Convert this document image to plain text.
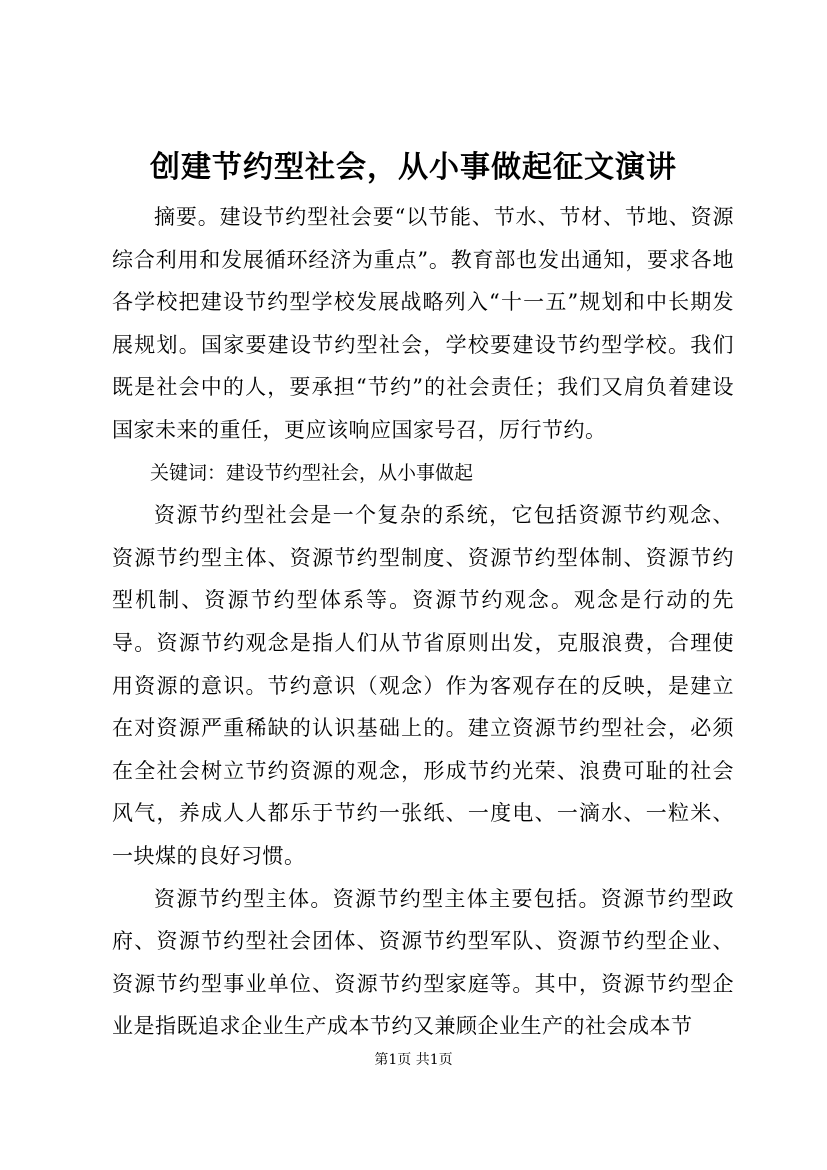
创建节约型社会，从小事做起征文演讲

摘要。建设节约型社会要“以节能、节水、节材、节地、资源综合利用和发展循环经济为重点”。教育部也发出通知，要求各地各学校把建设节约型学校发展战略列入“十一五”规划和中长期发展规划。国家要建设节约型社会，学校要建设节约型学校。我们既是社会中的人，要承担“节约”的社会责任；我们又肩负着建设国家未来的重任，更应该响应国家号召，厉行节约。

关键词：建设节约型社会，从小事做起

资源节约型社会是一个复杂的系统，它包括资源节约观念、资源节约型主体、资源节约型制度、资源节约型体制、资源节约型机制、资源节约型体系等。资源节约观念。观念是行动的先导。资源节约观念是指人们从节省原则出发，克服浪费，合理使用资源的意识。节约意识（观念）作为客观存在的反映，是建立在对资源严重稀缺的认识基础上的。建立资源节约型社会，必须在全社会树立节约资源的观念，形成节约光荣、浪费可耻的社会风气，养成人人都乐于节约一张纸、一度电、一滴水、一粒米、一块煤的良好习惯。

资源节约型主体。资源节约型主体主要包括。资源节约型政府、资源节约型社会团体、资源节约型军队、资源节约型企业、资源节约型事业单位、资源节约型家庭等。其中，资源节约型企业是指既追求企业生产成本节约又兼顾企业生产的社会成本节

第1页 共1页
